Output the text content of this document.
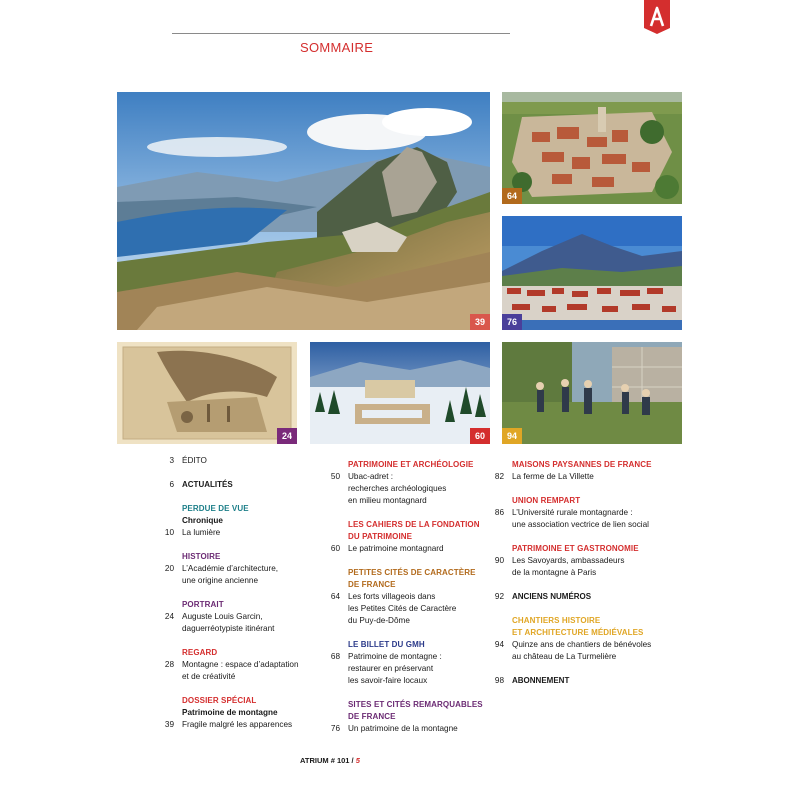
SOMMAIRE
39
64
76
24	60	94
3 ÉDITO
6	ACTUALITÉS
PERDUE DE VUE
Chronique
10 La lumière
HISTOIRE
20 L’Académie d’architecture,
une origine ancienne
PORTRAIT
24 Auguste Louis Garcin,
daguerréotypiste itinérant
REGARD
28 Montagne : espace d’adaptation
et de créativité
DOSSIER SPÉCIAL
Patrimoine de montagne
39 Fragile malgré les apparences
PATRIMOINE ET ARCHÉOLOGIE
50 Ubac-adret :
recherches archéologiques
en milieu montagnard
LES CAHIERS DE LA FONDATION
DU PATRIMOINE
60 Le patrimoine montagnard
PETITES CITÉS DE CARACTÈRE
DE FRANCE
64 Les forts villageois dans
les Petites Cités de Caractère
du Puy-de-Dôme
LE BILLET DU GMH
68 Patrimoine de montagne :
restaurer en préservant
les savoir-faire locaux
SITES ET CITÉS REMARQUABLES
DE FRANCE
76 Un patrimoine de la montagne
MAISONS PAYSANNES DE FRANCE
82 La ferme de La Villette
UNION REMPART
86 L’Université rurale montagnarde :
une association vectrice de lien social
PATRIMOINE ET GASTRONOMIE
90 Les Savoyards, ambassadeurs
de la montagne à Paris
92	ANCIENS NUMÉROS
CHANTIERS HISTOIRE
ET ARCHITECTURE MÉDIÉVALES
94 Quinze ans de chantiers de bénévoles
au château de La Turmelière
98	ABONNEMENT
ATRIUM # 101 / 5
